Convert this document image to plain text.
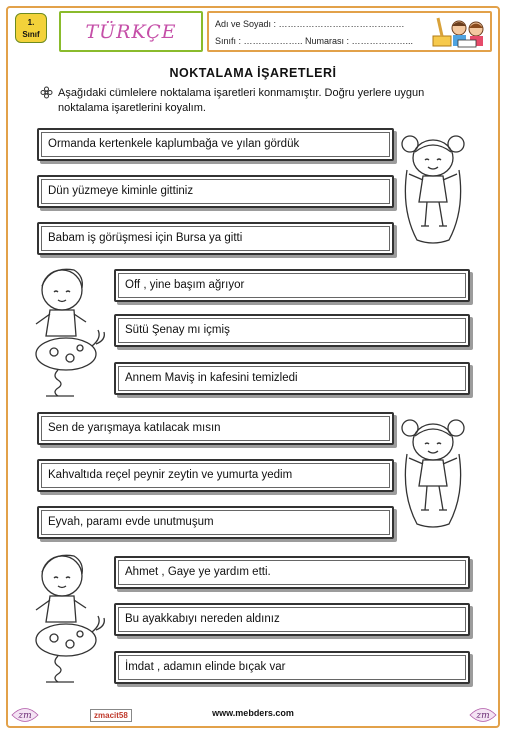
1.
Sınıf	TÜRKÇE	Adı ve Soyadı : ……………………………………
Sınıfı : ……………….. Numarası : ………………...
NOKTALAMA İŞARETLERİ
Aşağıdaki cümlelere noktalama işaretleri konmamıştır. Doğru yerlere uygun noktalama işaretlerini koyalım.
Ormanda kertenkele kaplumbağa ve yılan gördük
Dün yüzmeye kiminle gittiniz
Babam iş görüşmesi için Bursa ya gitti
Off , yine başım ağrıyor
Sütü Şenay mı içmiş
Annem Maviş in kafesini temizledi
Sen de yarışmaya katılacak mısın
Kahvaltıda reçel peynir zeytin ve yumurta yedim
Eyvah, paramı evde unutmuşum
Ahmet , Gaye ye yardım etti.
Bu ayakkabıyı nereden aldınız
İmdat , adamın elinde bıçak var
zm	zmacit58	www.mebders.com	zm
